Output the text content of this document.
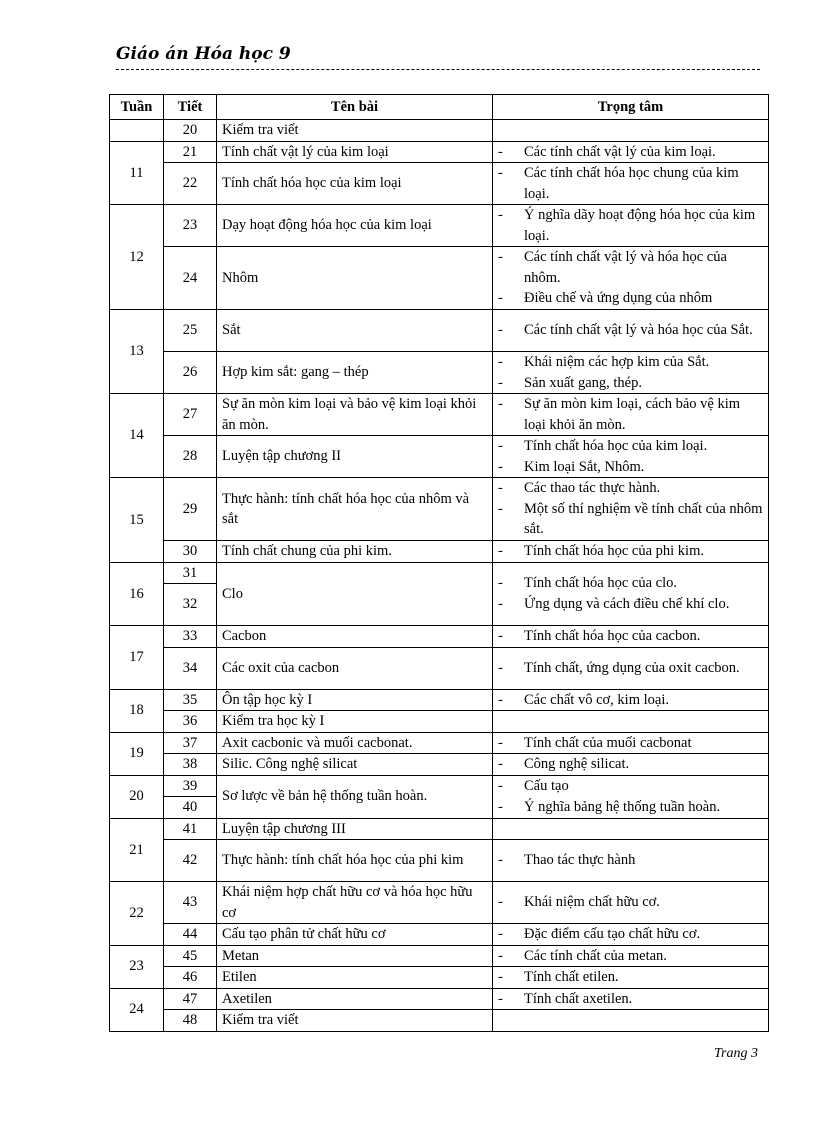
Giáo án Hóa học 9
Tuần	Tiết	Tên bài	Trọng tâm
	20	Kiểm tra viết	
11	21	Tính chất vật lý của kim loại	- Các tính chất vật lý của kim loại.

	22	Tính chất hóa học của kim loại	- Các tính chất hóa học chung của kim loại.

12	23	Dạy hoạt động hóa học của kim loại	- Ý nghĩa dãy hoạt động hóa học của kim loại.

	24	Nhôm	- Các tính chất vật lý và hóa học của nhôm.
- Điều chế và ứng dụng của nhôm

13	25	Sắt	- Các tính chất vật lý và hóa học của Sắt.

	26	Hợp kim sắt: gang – thép	- Khái niệm các hợp kim của Sắt.
- Sản xuất gang, thép.

14	27	Sự ăn mòn kim loại và bảo vệ kim loại khỏi ăn mòn.	- Sự ăn mòn kim loại, cách bảo vệ kim loại khỏi ăn mòn.

	28	Luyện tập chương II	- Tính chất hóa học của kim loại.
- Kim loại Sắt, Nhôm.

15	29	Thực hành: tính chất hóa học của nhôm và sắt	- Các thao tác thực hành.
- Một số thí nghiệm về tính chất của nhôm sắt.

	30	Tính chất chung của phi kim.	- Tính chất hóa học của phi kim.

16	31	Clo	- Tính chất hóa học của clo.
- Ứng dụng và cách điều chế khí clo.

	32		
17	33	Cacbon	- Tính chất hóa học của cacbon.

	34	Các oxit của cacbon	- Tính chất, ứng dụng của oxit cacbon.

18	35	Ôn tập học kỳ I	- Các chất vô cơ, kim loại.

	36	Kiểm tra học kỳ I	
19	37	Axit cacbonic và muối cacbonat.	- Tính chất của muối cacbonat

	38	Silic. Công nghệ silicat	- Công nghệ silicat.

20	39	Sơ lược về bản hệ thống tuần hoàn.	- Cấu tạo
- Ý nghĩa bảng hệ thống tuần hoàn.

	40		
21	41	Luyện tập chương III	
	42	Thực hành: tính chất hóa học của phi kim	- Thao tác thực hành

22	43	Khái niệm hợp chất hữu cơ và hóa học hữu cơ	- Khái niệm chất hữu cơ.

	44	Cấu tạo phân tử chất hữu cơ	- Đặc điểm cấu tạo chất hữu cơ.

23	45	Metan	- Các tính chất của metan.

	46	Etilen	- Tính chất etilen.

24	47	Axetilen	- Tính chất axetilen.

	48	Kiểm tra viết	
Trang 3
